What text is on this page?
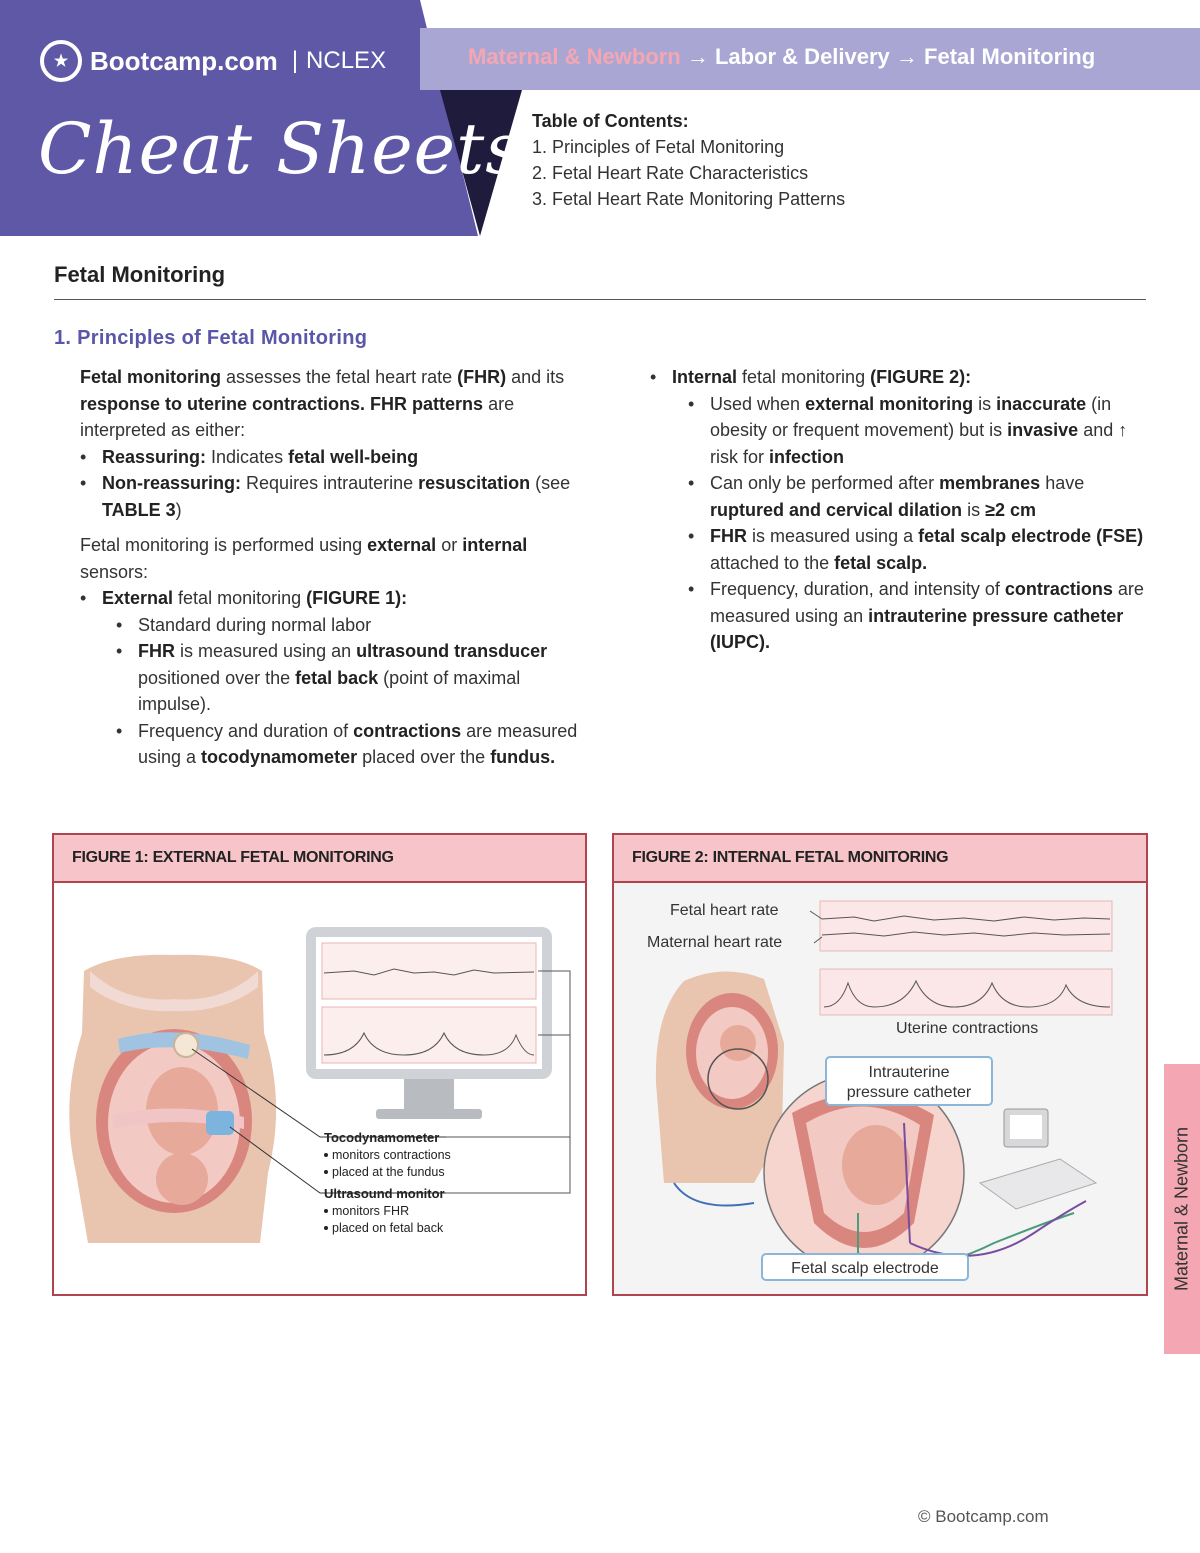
★ Bootcamp.com | NCLEX
Cheat Sheets
Maternal & Newborn → Labor & Delivery → Fetal Monitoring
Table of Contents:
1. Principles of Fetal Monitoring
2. Fetal Heart Rate Characteristics
3. Fetal Heart Rate Monitoring Patterns
Fetal Monitoring
1. Principles of Fetal Monitoring

Fetal monitoring assesses the fetal heart rate (FHR) and its response to uterine contractions. FHR patterns are interpreted as either:

• Reassuring: Indicates fetal well-being
• Non-reassuring: Requires intrauterine resuscitation (see TABLE 3)

Fetal monitoring is performed using external or internal sensors:

• External fetal monitoring (FIGURE 1):
• Standard during normal labor
• FHR is measured using an ultrasound transducer positioned over the fetal back (point of maximal impulse).
• Frequency and duration of contractions are measured using a tocodynamometer placed over the fundus.
• Internal fetal monitoring (FIGURE 2):
• Used when external monitoring is inaccurate (in obesity or frequent movement) but is invasive and ↑ risk for infection
• Can only be performed after membranes have ruptured and cervical dilation is ≥2 cm
• FHR is measured using a fetal scalp electrode (FSE) attached to the fetal scalp.
• Frequency, duration, and intensity of contractions are measured using an intrauterine pressure catheter (IUPC).
FIGURE 1: EXTERNAL FETAL MONITORING
Tocodynamometer
monitors contractions
placed at the fundus
Ultrasound monitor
monitors FHR
placed on fetal back
FIGURE 2: INTERNAL FETAL MONITORING
Fetal heart rate
Maternal heart rate
Uterine contractions
Intrauterine
pressure catheter
Fetal scalp electrode	Maternal & Newborn
© Bootcamp.com
